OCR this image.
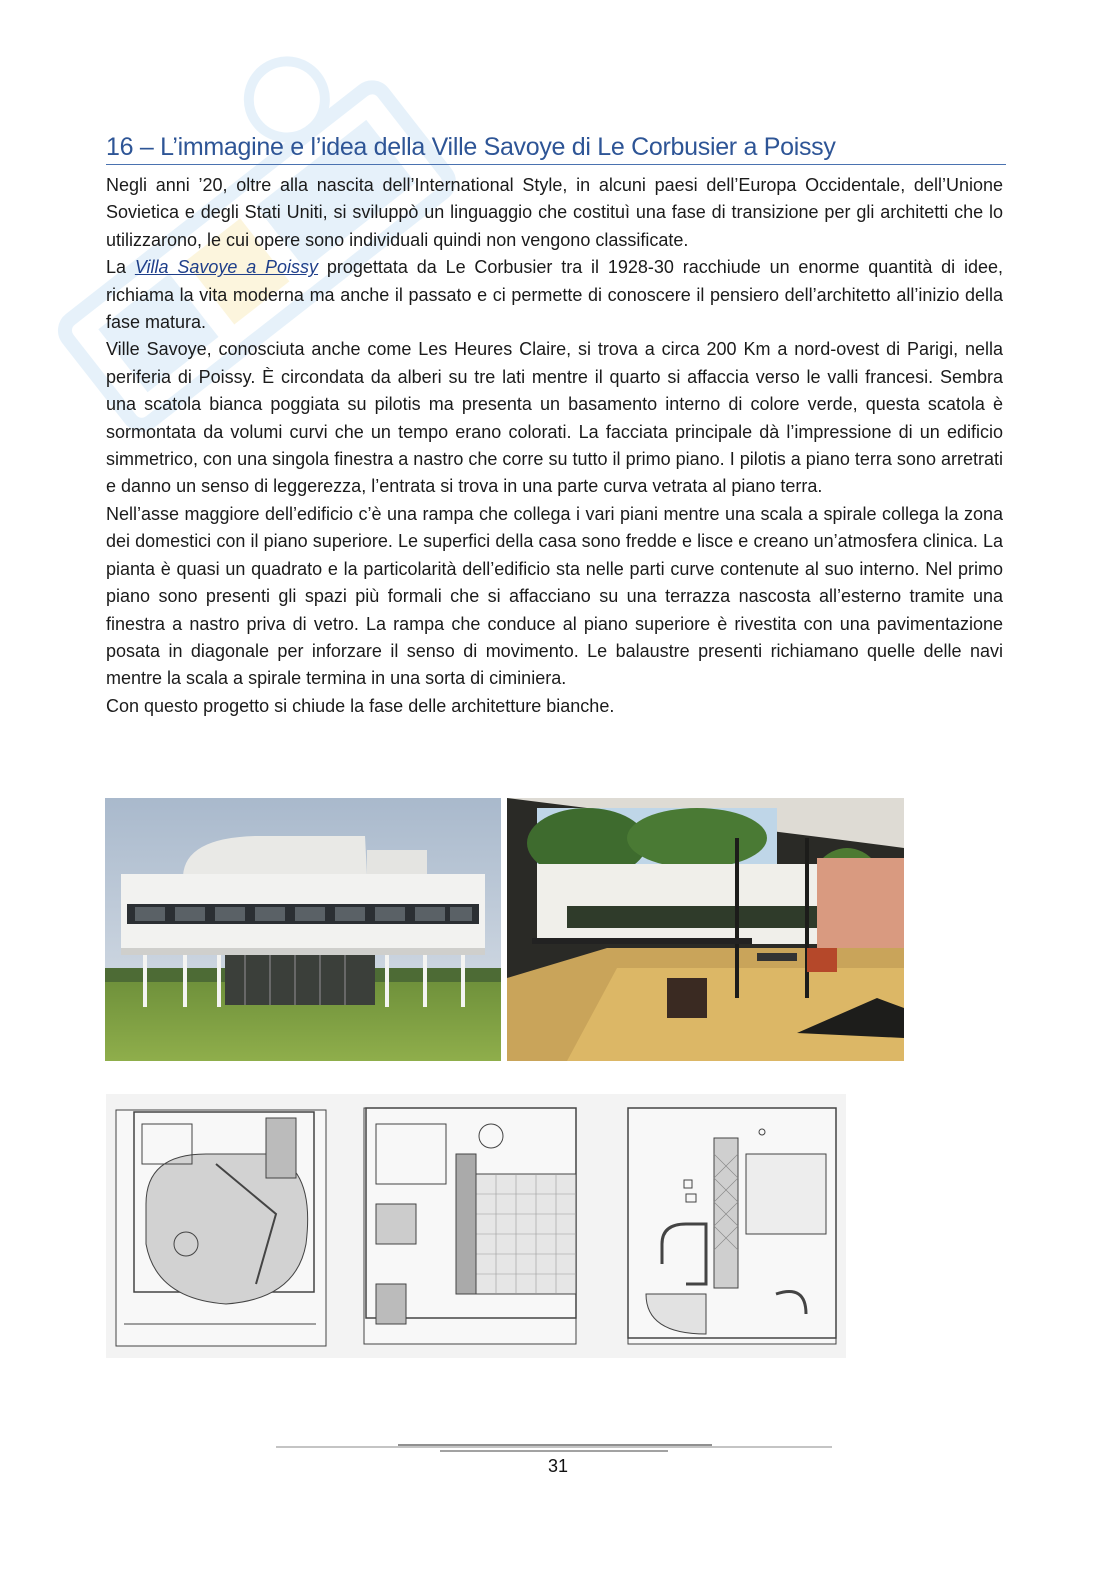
16 – L’immagine e l’idea della Ville Savoye di Le Corbusier a Poissy

Negli anni ’20, oltre alla nascita dell’International Style, in alcuni paesi dell’Europa Occidentale, dell’Unione Sovietica e degli Stati Uniti, si sviluppò un linguaggio che costituì una fase di transizione per gli architetti che lo utilizzarono, le cui opere sono individuali quindi non vengono classificate.

La Villa Savoye a Poissy progettata da Le Corbusier tra il 1928-30 racchiude un enorme quantità di idee, richiama la vita moderna ma anche il passato e ci permette di conoscere il pensiero dell’architetto all’inizio della fase matura.

Ville Savoye, conosciuta anche come Les Heures Claire, si trova a circa 200 Km a nord-ovest di Parigi, nella periferia di Poissy. È circondata da alberi su tre lati mentre il quarto si affaccia verso le valli francesi. Sembra una scatola bianca poggiata su pilotis ma presenta un basamento interno di colore verde, questa scatola è sormontata da volumi curvi che un tempo erano colorati. La facciata principale dà l’impressione di un edificio simmetrico, con una singola finestra a nastro che corre su tutto il primo piano. I pilotis a piano terra sono arretrati e danno un senso di leggerezza, l’entrata si trova in una parte curva vetrata al piano terra.

Nell’asse maggiore dell’edificio c’è una rampa che collega i vari piani mentre una scala a spirale collega la zona dei domestici con il piano superiore. Le superfici della casa sono fredde e lisce e creano un’atmosfera clinica. La pianta è quasi un quadrato e la particolarità dell’edificio sta nelle parti curve contenute al suo interno. Nel primo piano sono presenti gli spazi più formali che si affacciano su una terrazza nascosta all’esterno tramite una finestra a nastro priva di vetro. La rampa che conduce al piano superiore è rivestita con una pavimentazione posata in diagonale per inforzare il senso di movimento. Le balaustre presenti richiamano quelle delle navi mentre la scala a spirale termina in una sorta di ciminiera.

Con questo progetto si chiude la fase delle architetture bianche.

31
